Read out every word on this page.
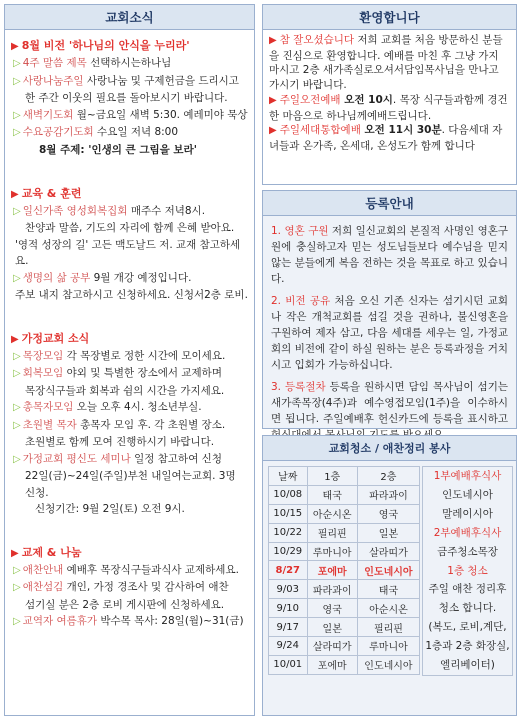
교회소식
▶ 8월 비전 '하나님의 안식을 누리라'
▷ 4주 말씀 제목 선택하시는하나님
▷ 사랑나눔주일 사랑나눔 및 구제헌금을 드리시고
한 주간 이웃의 필요를 돌아보시기 바랍니다.
▷ 새벽기도회 월~금요일 새벽 5:30. 예레미야 묵상
▷ 수요공감기도회 수요일 저녁 8:00
8월 주제: '인생의 큰 그림을 보라'
▶ 교육 & 훈련
▷ 일신가족 영성회복집회 매주수 저녁8시.
찬양과 말씀, 기도의 자리에 함께 은혜 받아요.
'영적 성장의 길' 고든 맥도날드 저. 교재 참고하세요.
▷ 생명의 삶 공부 9월 개강 예정입니다.
주보 내지 참고하시고 신청하세요. 신청서2층 로비.
▶ 가정교회 소식
▷ 목장모임 각 목장별로 정한 시간에 모이세요.
▷ 회복모임 야외 및 특별한 장소에서 교제하며
목장식구들과 회복과 쉼의 시간을 가지세요.
▷ 총목자모임 오늘 오후 4시. 청소년부실.
▷ 초원별 목자 총목자 모임 후. 각 초원별 장소.
초원별로 함께 모여 진행하시기 바랍니다.
▷ 가정교회 평신도 세미나 일정 참고하여 신청
22일(금)~24일(주일)부천 내일여는교회. 3명 신청.
신청기간: 9월 2일(토) 오전 9시.
▶ 교제 & 나눔
▷ 애찬안내 예배후 목장식구들과식사 교제하세요.
▷ 애찬섬김 개인, 가정 경조사 및 감사하여 애찬
섬기실 분은 2층 로비 게시판에 신청하세요.
▷ 교역자 여름휴가 박수목 목사: 28일(월)~31(금)
환영합니다
▶ 참 잘오셨습니다 저희 교회를 처음 방문하신 분들을 진심으로 환영합니다. 예배를 마친 후 그냥 가지 마시고 2층 새가족실로오셔서담임목사님을 만나고 가시기 바랍니다.
▶ 주일오전예배 오전 10시. 목장 식구들과함께 경건한 마음으로 하나님께예배드립니다.
▶ 주일세대통합예배 오전 11시 30분. 다음세대 자녀들과 온가족, 온세대, 온성도가 함께 합니다
등록안내
1. 영혼 구원 저희 일신교회의 본질적 사명인 영혼구원에 충실하고자 믿는 성도님들보다 예수님을 믿지 않는 분들에게 복음 전하는 것을 목표로 하고 있습니다.
2. 비전 공유 처음 오신 기존 신자는 섬기시던 교회나 작은 개척교회를 섬길 것을 권하나, 불신영혼을 구원하여 제자 삼고, 다음 세대를 세우는 일, 가정교회의 비전에 같이 하실 원하는 분은 등록과정을 거치시고 입회가 가능하십니다.
3. 등록절차 등록을 원하시면 담임 목사님이 섬기는 새가족목장(4주)과 예수영접모임(1주)을 이수하시면 됩니다. 주일예배후 헌신카드에 등록을 표시하고
교회청소 / 애찬정리 봉사
날짜	1층	2층
10/08	태국	파라과이
10/15	아순시온	영국
10/22	필리핀	일본
10/29	루마니아	살라띠가
8/27	포에마	인도네시아
9/03	파라과이	태국
9/10	영국	아순시온
9/17	일본	필리핀
9/24	살라띠가	루마니아
10/01	포에마	인도네시아
1부예배후식사
인도네시아
말레이시아
2부예배후식사
금주청소목장
1층 청소
주일 애찬 정리후
청소 합니다.
(복도, 로비,계단,
1층과 2층 화장실,
엘리베이터)
